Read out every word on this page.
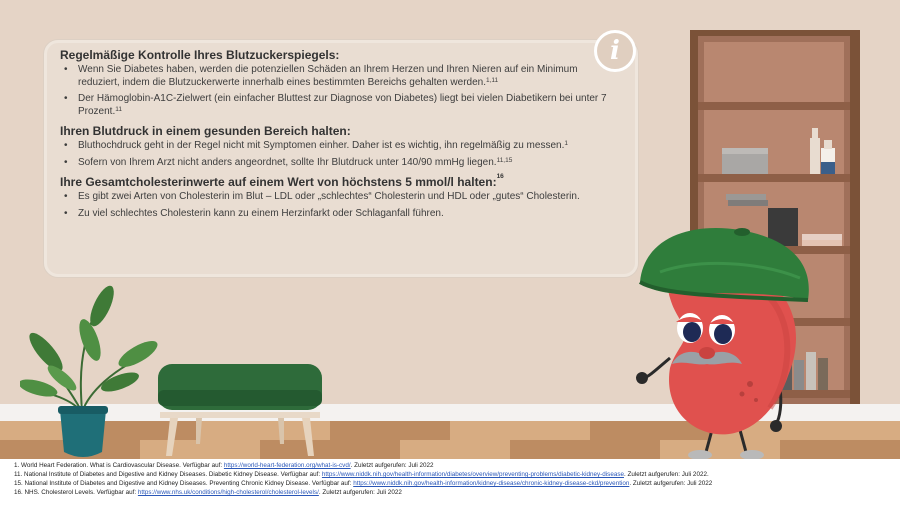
i
Regelmäßige Kontrolle Ihres Blutzuckerspiegels:
• Wenn Sie Diabetes haben, werden die potenziellen Schäden an Ihrem Herzen und Ihren Nieren auf ein Minimum reduziert, indem die Blutzuckerwerte innerhalb eines bestimmten Bereichs gehalten werden.$^{1,11}$
• Der Hämoglobin-A1C-Zielwert (ein einfacher Bluttest zur Diagnose von Diabetes) liegt bei vielen Diabetikern bei unter 7 Prozent.$^{11}$
Ihren Blutdruck in einem gesunden Bereich halten:
• Bluthochdruck geht in der Regel nicht mit Symptomen einher. Daher ist es wichtig, ihn regelmäßig zu messen.$^1$
• Sofern von Ihrem Arzt nicht anders angeordnet, sollte Ihr Blutdruck unter 140/90 mmHg liegen.$^{11,15}$
Ihre Gesamtcholesterinwerte auf einem Wert von höchstens 5 mmol/l halten:$^{16}$
• Es gibt zwei Arten von Cholesterin im Blut – LDL oder „schlechtes“ Cholesterin und HDL oder „gutes“ Cholesterin.
• Zu viel schlechtes Cholesterin kann zu einem Herzinfarkt oder Schlaganfall führen.
1. World Heart Federation. What is Cardiovascular Disease. Verfügbar auf: https://world-heart-federation.org/what-is-cvd/. Zuletzt aufgerufen: Juli 2022
11. National Institute of Diabetes and Digestive and Kidney Diseases. Diabetic Kidney Disease. Verfügbar auf: https://www.niddk.nih.gov/health-information/diabetes/overview/preventing-problems/diabetic-kidney-disease. Zuletzt aufgerufen: Juli 2022.
15. National Institute of Diabetes and Digestive and Kidney Diseases. Preventing Chronic Kidney Disease. Verfügbar auf: https://www.niddk.nih.gov/health-information/kidney-disease/chronic-kidney-disease-ckd/prevention. Zuletzt aufgerufen: Juli 2022
16. NHS. Cholesterol Levels. Verfügbar auf: https://www.nhs.uk/conditions/high-cholesterol/cholesterol-levels/. Zuletzt aufgerufen: Juli 2022
